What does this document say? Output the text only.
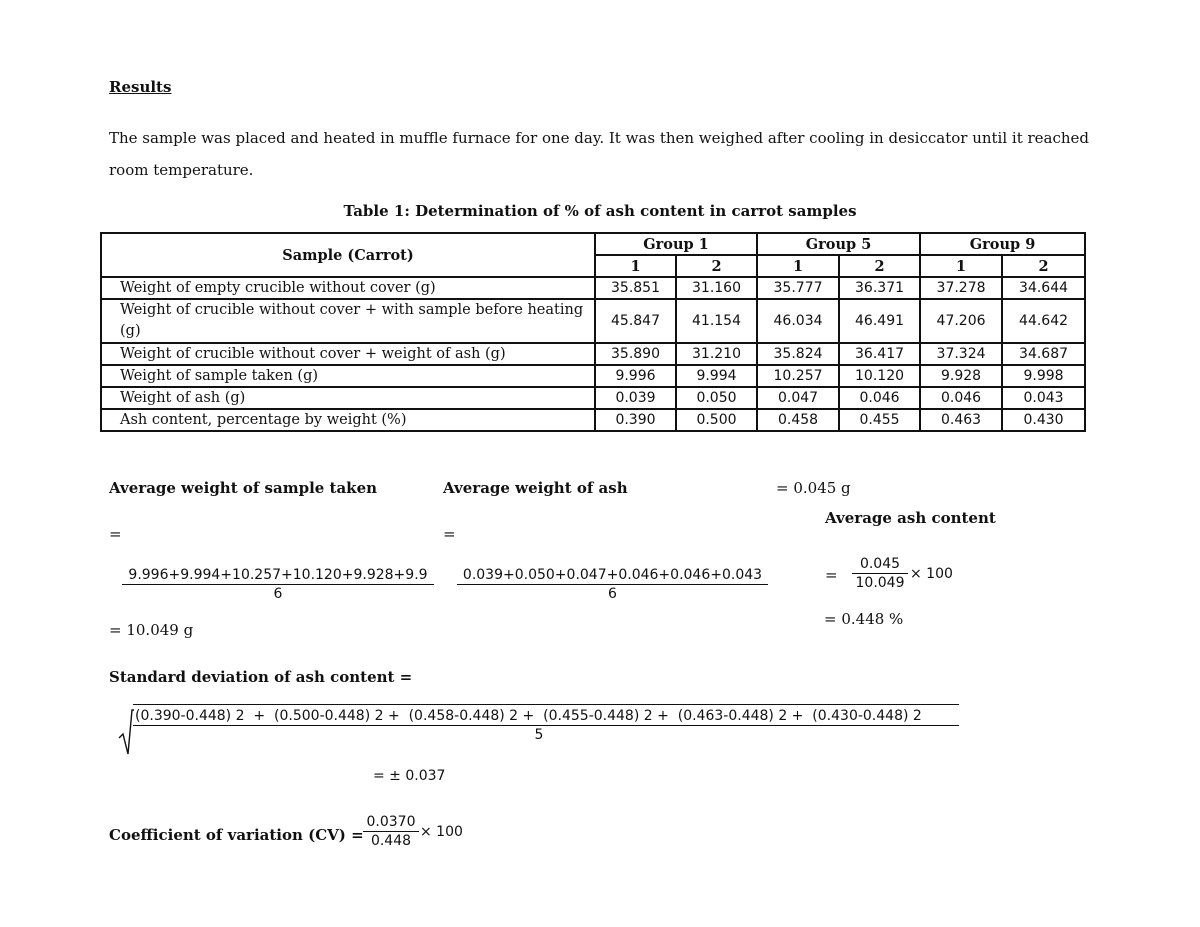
Results
The sample was placed and heated in muffle furnace for one day. It was then weighed after cooling in desiccator until it reached room temperature.
Table 1: Determination of % of ash content in carrot samples
Sample (Carrot)	Group 1		Group 5		Group 9	
	1	2	1	2	1	2
Weight of empty crucible without cover (g)	35.851	31.160	35.777	36.371	37.278	34.644
Weight of crucible without cover + with sample before heating (g)	45.847	41.154	46.034	46.491	47.206	44.642
Weight of crucible without cover + weight of ash (g)	35.890	31.210	35.824	36.417	37.324	34.687
Weight of sample taken (g)	9.996	9.994	10.257	10.120	9.928	9.998
Weight of ash (g)	0.039	0.050	0.047	0.046	0.046	0.043
Ash content, percentage by weight (%)	0.390	0.500	0.458	0.455	0.463	0.430
Average weight of sample taken
=
9.996+9.994+10.257+10.120+9.928+9.9
6
= 10.049 g
Average weight of ash
=
0.039+0.050+0.047+0.046+0.046+0.043
6
= 0.045 g
Average ash content
=
0.045
10.049
× 100
= 0.448 %
Standard deviation of ash content =
(0.390-0.448) 2  +  (0.500-0.448) 2 +  (0.458-0.448) 2 +  (0.455-0.448) 2 +  (0.463-0.448) 2 +  (0.430-0.448) 2
5
= ± 0.037
Coefficient of variation (CV) =
0.0370
0.448
× 100
